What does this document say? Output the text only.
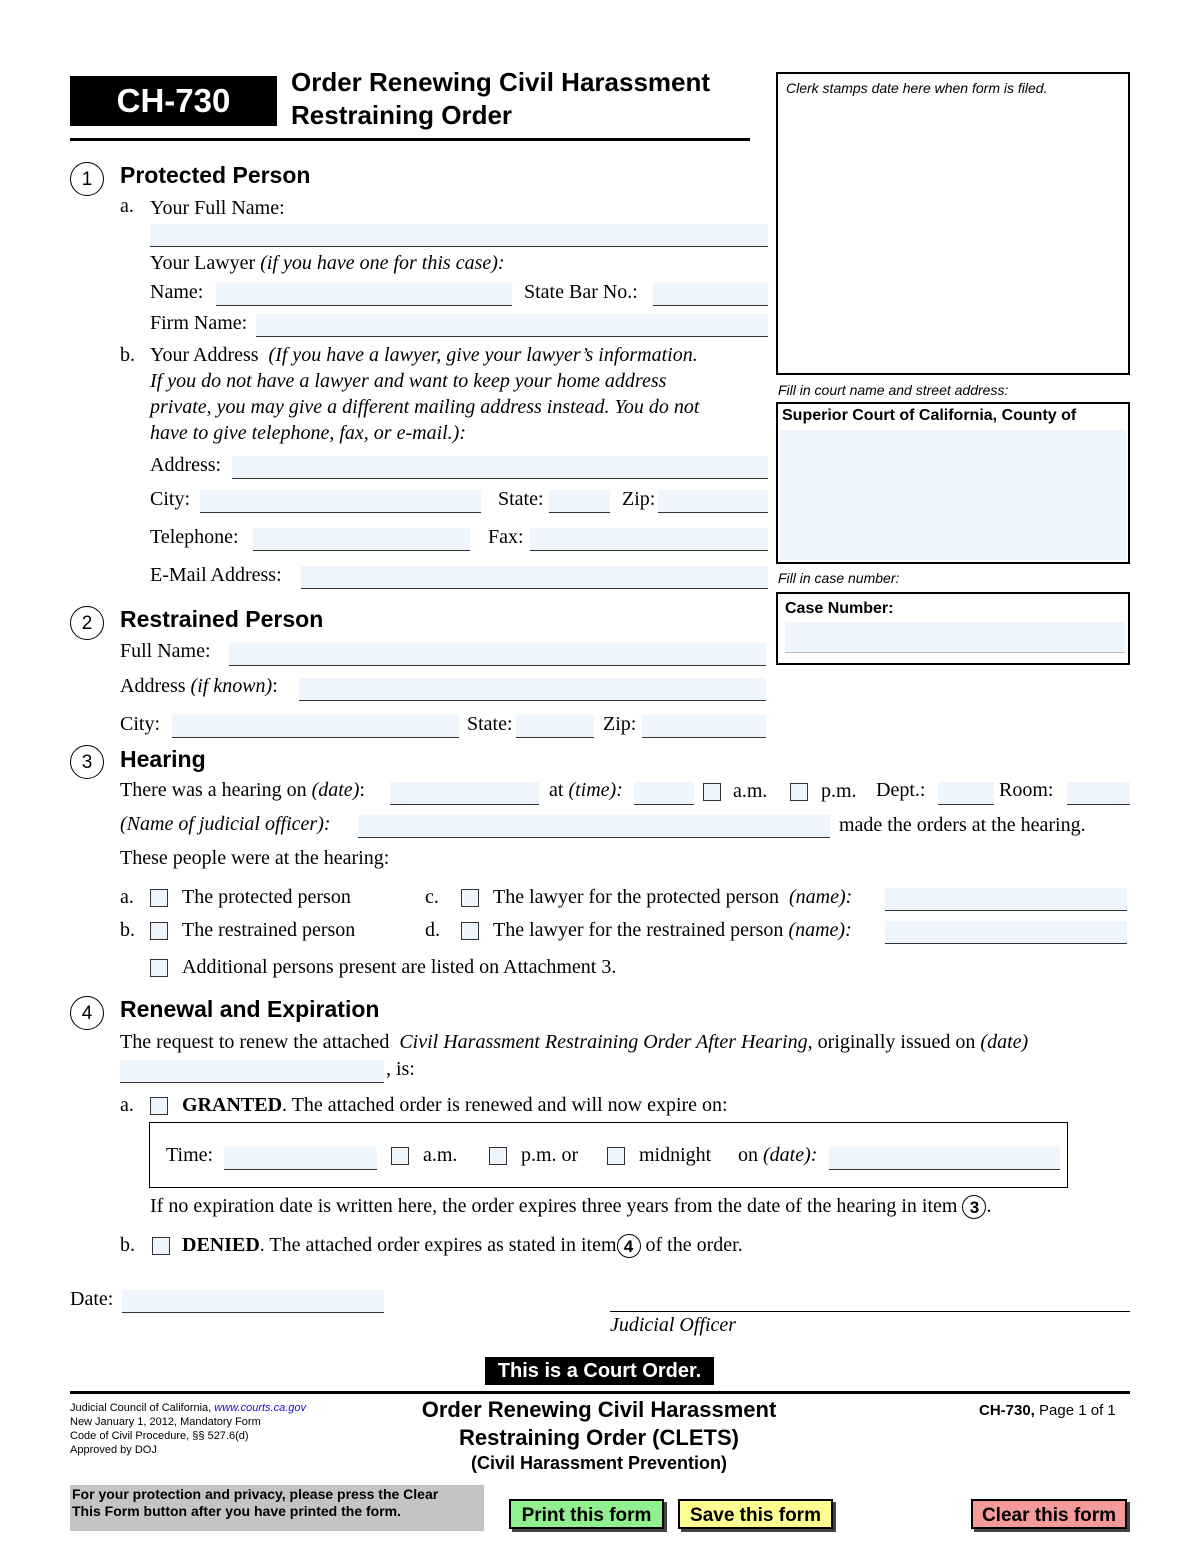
CH-730	Order Renewing Civil Harassment
Restraining Order
Clerk stamps date here when form is filed.
Fill in court name and street address:
Superior Court of California, County of
Fill in case number:
Case Number:
1	Protected Person
a. Your Full Name:
Your Lawyer (if you have one for this case):
Name:	State Bar No.:
Firm Name:
b. Your Address (If you have a lawyer, give your lawyer’s information.
If you do not have a lawyer and want to keep your home address
private, you may give a different mailing address instead. You do not
have to give telephone, fax, or e-mail.):
Address:
City:	State:	Zip:
Telephone:	Fax:
E-Mail Address:
2	Restrained Person
Full Name:
Address (if known):
City:	State:	Zip:
3	Hearing
There was a hearing on (date):	at (time):	a.m.	p.m. Dept.:	Room:
(Name of judicial officer):	made the orders at the hearing.
These people were at the hearing:
a. The protected person	c.	The lawyer for the protected person (name):
b. The restrained person	d.	The lawyer for the restrained person (name):
Additional persons present are listed on Attachment 3.
4	Renewal and Expiration
The request to renew the attached Civil Harassment Restraining Order After Hearing, originally issued on (date)
, is:
a. GRANTED. The attached order is renewed and will now expire on:
Time:	a.m.	p.m. or	midnight on (date):
If no expiration date is written here, the order expires three years from the date of the hearing in item 3 .
b. DENIED. The attached order expires as stated in item 4 of the order.
Date:
Judicial Officer
This is a Court Order.
Judicial Council of California, www.courts.ca.gov
New January 1, 2012, Mandatory Form
Code of Civil Procedure, §§ 527.6(d)
Approved by DOJ
Order Renewing Civil Harassment
Restraining Order (CLETS)
(Civil Harassment Prevention)
CH-730, Page 1 of 1
For your protection and privacy, please press the Clear
This Form button after you have printed the form.	Print this form	Save this form	Clear this form
